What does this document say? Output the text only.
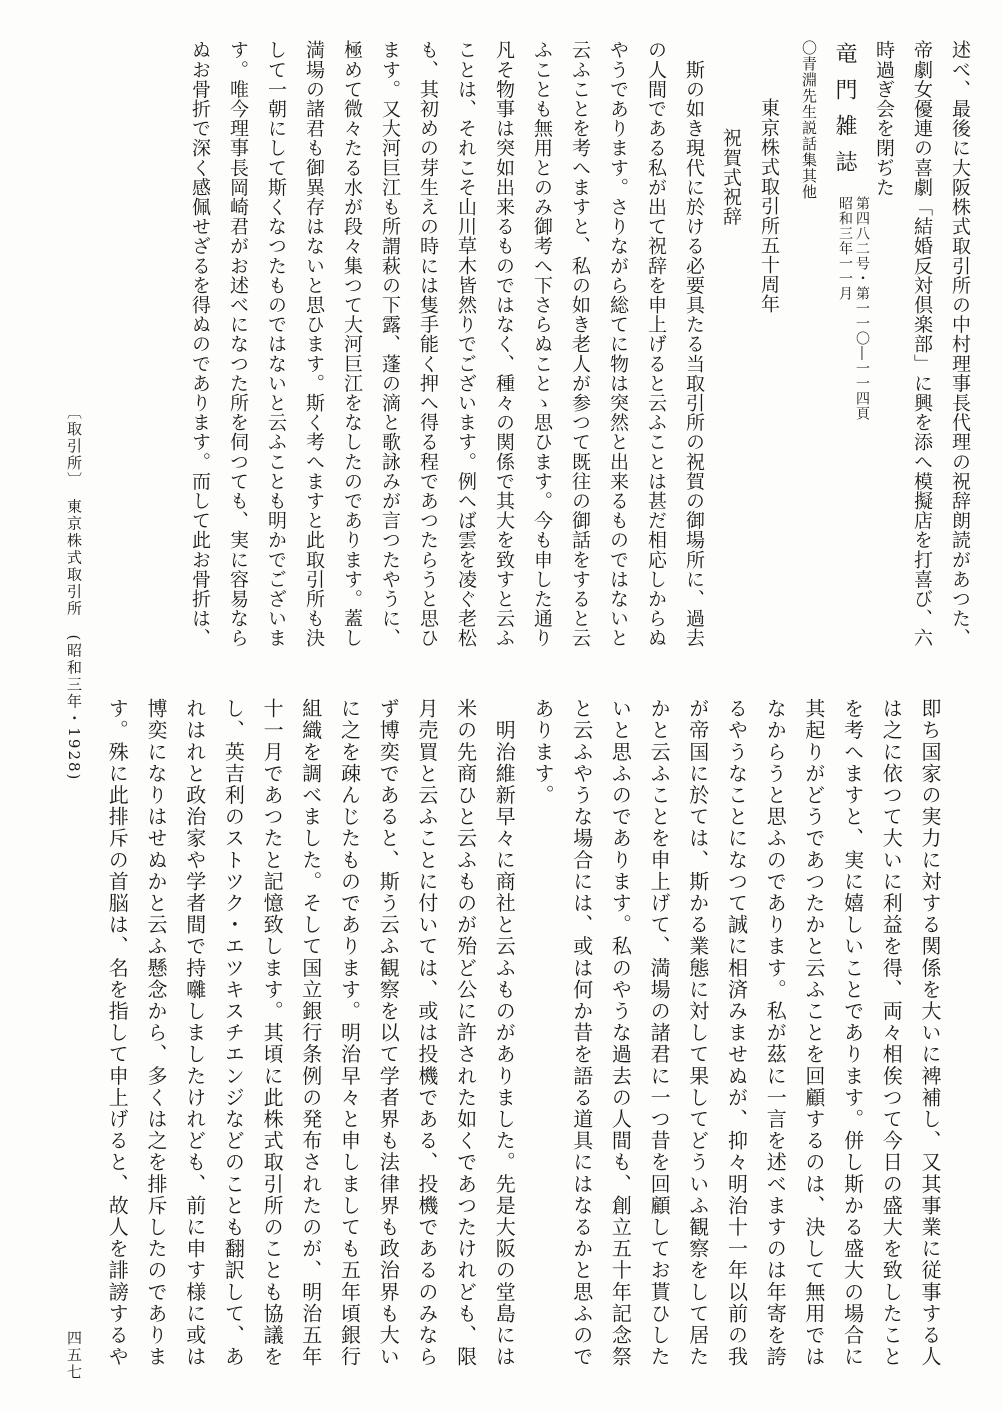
竜門雑誌
第四八二号・第一一〇―一一四頁
昭和三年一一月
〇青淵先生説話集其他
東京株式取引所五十周年
祝賀式祝辞
〔取引所〕　東京株式取引所　(昭和三年・1928)
四五七
述べ、最後に大阪株式取引所の中村理事長代理の祝辞朗読があつた、
帝劇女優連の喜劇「結婚反対倶楽部」に興を添へ模擬店を打喜び、六
時過ぎ会を閉ぢた
　斯の如き現代に於ける必要具たる当取引所の祝賀の御場所に、過去
の人間である私が出て祝辞を申上げると云ふことは甚だ相応しからぬ
やうであります。さりながら総てに物は突然と出来るものではないと
云ふことを考へますと、私の如き老人が参つて既往の御話をすると云
ふことも無用とのみ御考へ下さらぬことゝ思ひます。今も申した通り
凡そ物事は突如出来るものではなく、種々の関係で其大を致すと云ふ
ことは、それこそ山川草木皆然りでございます。例へば雲を凌ぐ老松
も、其初めの芽生えの時には隻手能く押へ得る程であつたらうと思ひ
ます。又大河巨江も所謂萩の下露、蓬の滴と歌詠みが言つたやうに、
極めて微々たる水が段々集つて大河巨江をなしたのであります。蓋し
満場の諸君も御異存はないと思ひます。斯く考へますと此取引所も決
して一朝にして斯くなつたものではないと云ふことも明かでございま
す。唯今理事長岡崎君がお述べになつた所を伺つても、実に容易なら
ぬお骨折で深く感佩せざるを得ぬのであります。而して此お骨折は、
即ち国家の実力に対する関係を大いに裨補し、又其事業に従事する人
は之に依つて大いに利益を得、両々相俟つて今日の盛大を致したこと
を考へますと、実に嬉しいことであります。併し斯かる盛大の場合に
其起りがどうであつたかと云ふことを回顧するのは、決して無用では
なからうと思ふのであります。私が茲に一言を述べますのは年寄を誇
るやうなことになつて誠に相済みませぬが、抑々明治十一年以前の我
が帝国に於ては、斯かる業態に対して果してどういふ観察をして居た
かと云ふことを申上げて、満場の諸君に一つ昔を回顧してお貰ひした
いと思ふのであります。私のやうな過去の人間も、創立五十年記念祭
と云ふやうな場合には、或は何か昔を語る道具にはなるかと思ふので
あります。
　明治維新早々に商社と云ふものがありました。先是大阪の堂島には
米の先商ひと云ふものが殆ど公に許された如くであつたけれども、限
月売買と云ふことに付いては、或は投機である、投機であるのみなら
ず博奕であると、斯う云ふ観察を以て学者界も法律界も政治界も大い
に之を疎んじたものであります。明治早々と申しましても五年頃銀行
組織を調べました。そして国立銀行条例の発布されたのが、明治五年
十一月であつたと記憶致します。其頃に此株式取引所のことも協議を
し、英吉利のストツク・エツキスチエンジなどのことも翻訳して、あ
れはれと政治家や学者間で持囃しましたけれども、前に申す様に或は
博奕になりはせぬかと云ふ懸念から、多くは之を排斥したのでありま
す。殊に此排斥の首脳は、名を指して申上げると、故人を誹謗するや
